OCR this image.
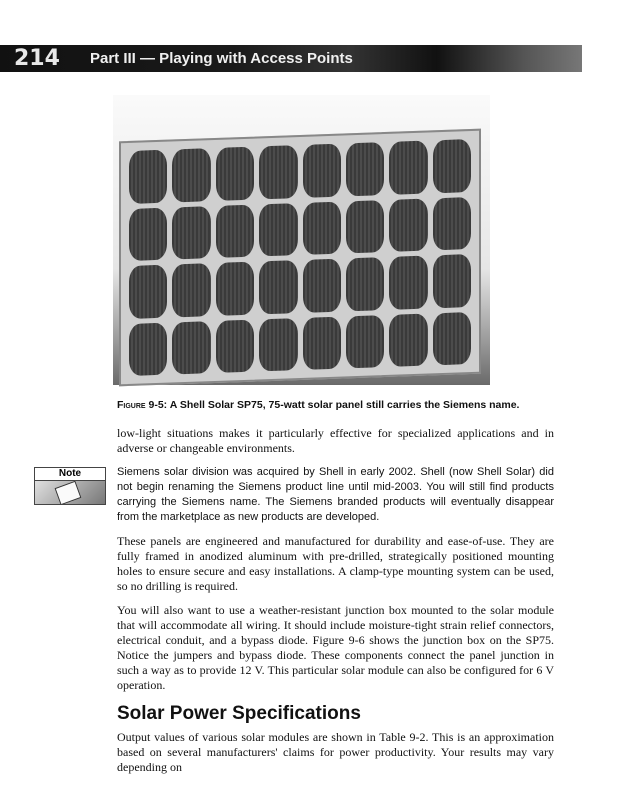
214 Part III — Playing with Access Points
Figure 9-5: A Shell Solar SP75, 75-watt solar panel still carries the Siemens name.

low-light situations makes it particularly effective for specialized applications and in adverse or changeable environments.

Note	Siemens solar division was acquired by Shell in early 2002. Shell (now Shell Solar) did not begin renaming the Siemens product line until mid-2003. You will still find products carrying the Siemens name. The Siemens branded products will eventually disappear from the marketplace as new products are developed.

These panels are engineered and manufactured for durability and ease-of-use. They are fully framed in anodized aluminum with pre-drilled, strategically positioned mounting holes to ensure secure and easy installations. A clamp-type mounting system can be used, so no drilling is required.

You will also want to use a weather-resistant junction box mounted to the solar module that will accommodate all wiring. It should include moisture-tight strain relief connectors, electrical conduit, and a bypass diode. Figure 9-6 shows the junction box on the SP75. Notice the jumpers and bypass diode. These components connect the panel junction in such a way as to provide 12 V. This particular solar module can also be configured for 6 V operation.

Solar Power Specifications

Output values of various solar modules are shown in Table 9-2. This is an approximation based on several manufacturers' claims for power productivity. Your results may vary depending on
